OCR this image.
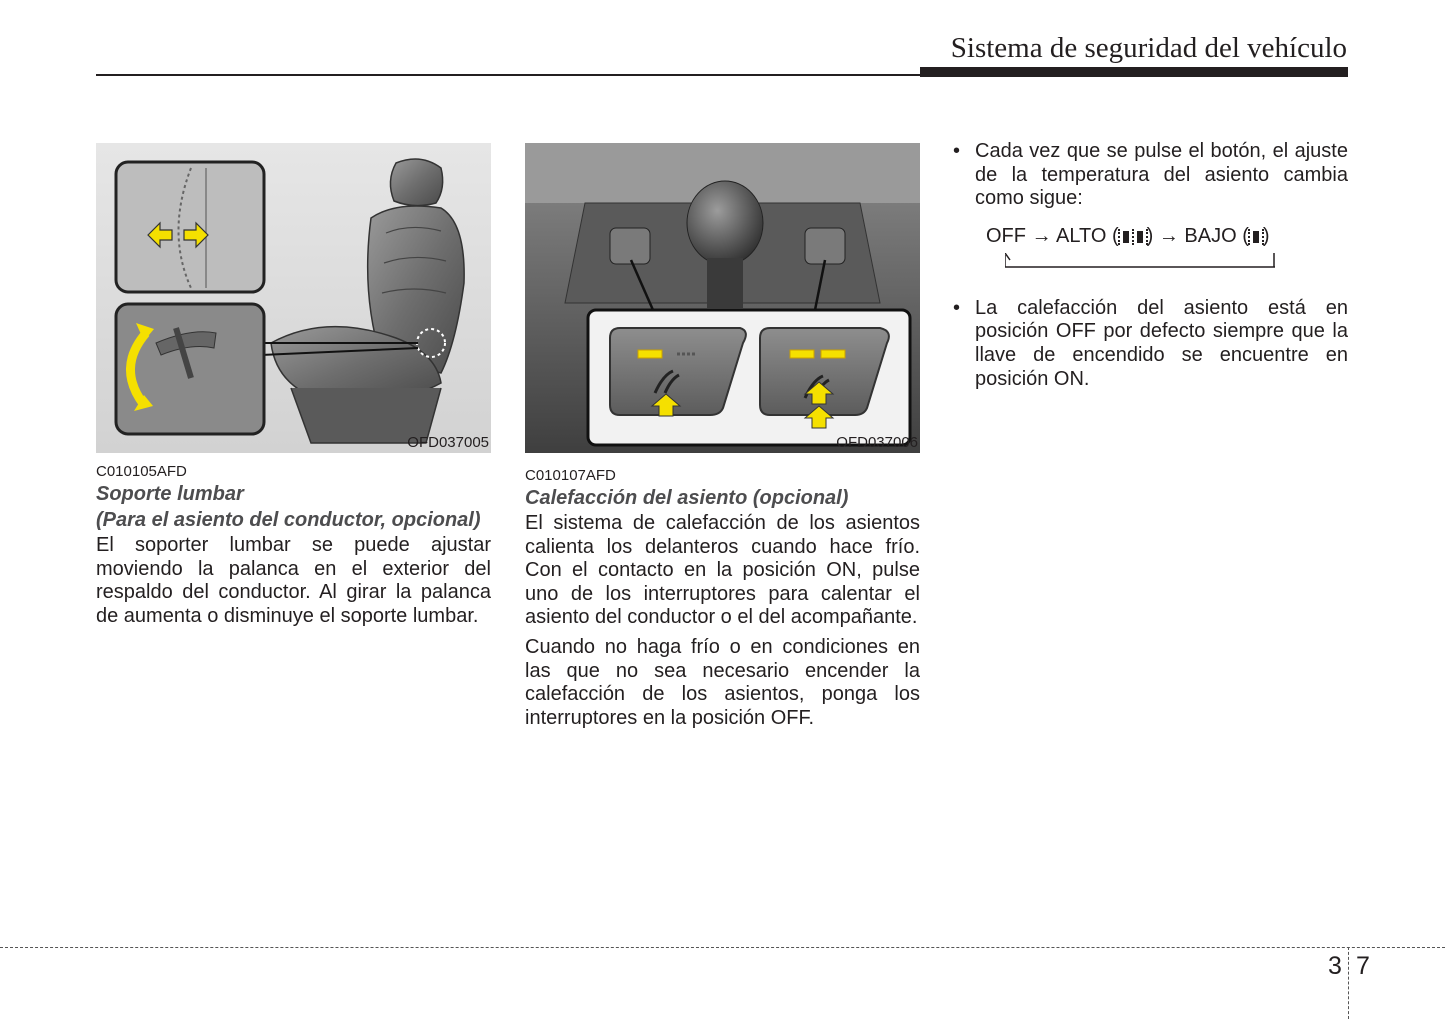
Sistema de seguridad del vehículo
OFD037005
C010105AFD
Soporte lumbar
(Para el asiento del conductor, opcional)

El soporter lumbar se puede ajustar moviendo la palanca en el exterior del respaldo del conductor. Al girar la palanca de aumenta o disminuye el soporte lumbar.

OFD037006
C010107AFD
Calefacción del asiento (opcional)

El sistema de calefacción de los asientos calienta los delanteros cuando hace frío. Con el contacto en la posición ON, pulse uno de los interruptores para calentar el asiento del conductor o el del acompañante.

Cuando no haga frío o en condiciones en las que no sea necesario encender la calefacción de los asientos, ponga los interruptores en la posición OFF.

• Cada vez que se pulse el botón, el ajuste de la temperatura del asiento cambia como sigue:
OFF → ALTO ( ) → BAJO ( )
• La calefacción del asiento está en posición OFF por defecto siempre que la llave de encendido se encuentre en posición ON.
3 7
